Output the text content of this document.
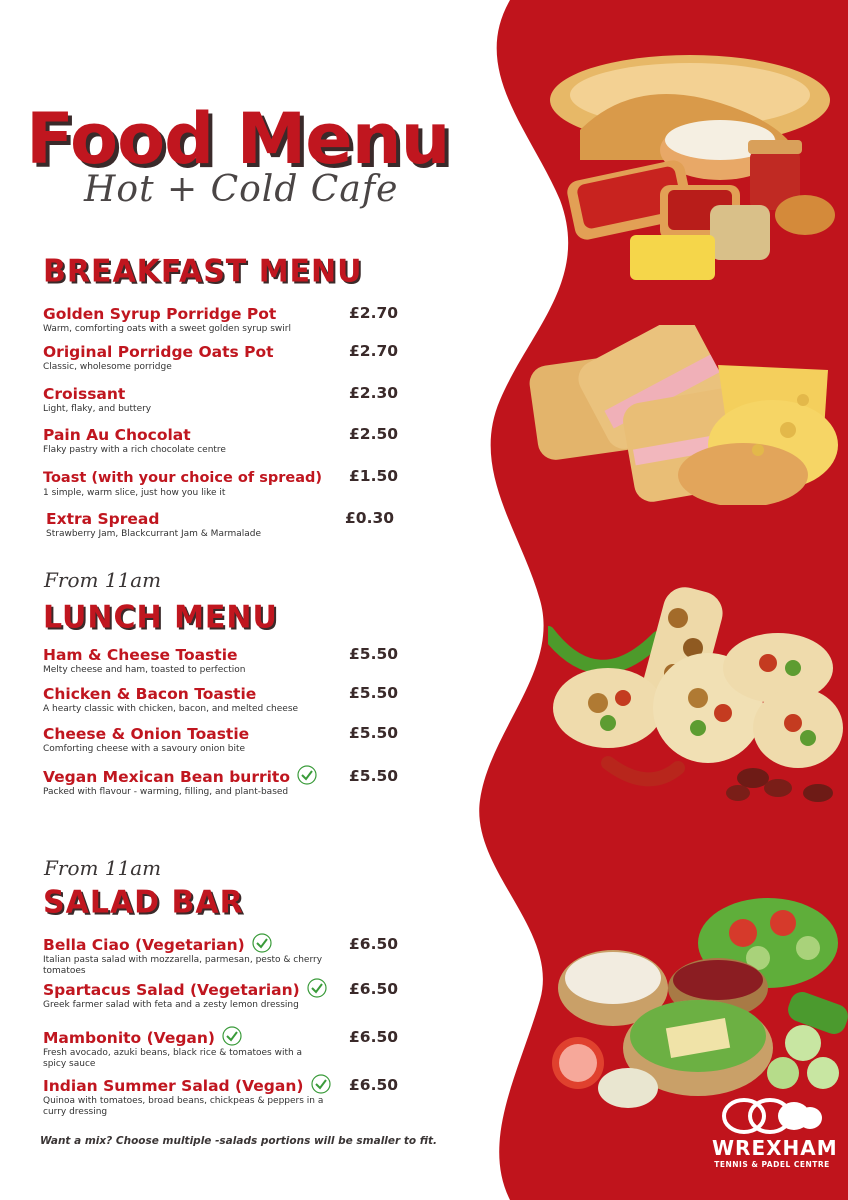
Food Menu
Hot + Cold Cafe
BREAKFAST MENU
Golden Syrup Porridge Pot
Warm, comforting oats with a sweet golden syrup swirl
£2.70
Original Porridge Oats Pot
Classic, wholesome porridge
£2.70
Croissant
Light, flaky, and buttery
£2.30
Pain Au Chocolat
Flaky pastry with a rich chocolate centre
£2.50
Toast (with your choice of spread)
1 simple, warm slice, just how you like it
£1.50
Extra Spread
Strawberry Jam, Blackcurrant Jam & Marmalade
£0.30
From 11am
LUNCH MENU
Ham & Cheese Toastie
Melty cheese and ham, toasted to perfection
£5.50
Chicken & Bacon Toastie
A hearty classic with chicken, bacon, and melted cheese
£5.50
Cheese & Onion Toastie
Comforting cheese with a savoury onion bite
£5.50
Vegan Mexican Bean burrito
Packed with flavour - warming, filling, and plant-based
£5.50
From 11am
SALAD BAR
Bella Ciao (Vegetarian)
Italian pasta salad with mozzarella, parmesan, pesto & cherry tomatoes
£6.50
Spartacus Salad (Vegetarian)
Greek farmer salad with feta and a zesty lemon dressing
£6.50
Mambonito (Vegan)
Fresh avocado, azuki beans, black rice & tomatoes with a spicy sauce
£6.50
Indian Summer Salad (Vegan)
Quinoa with tomatoes, broad beans, chickpeas & peppers in a curry dressing
£6.50
Want a mix? Choose multiple -salads portions will be smaller to fit.	WREXHAM
TENNIS & PADEL CENTRE
